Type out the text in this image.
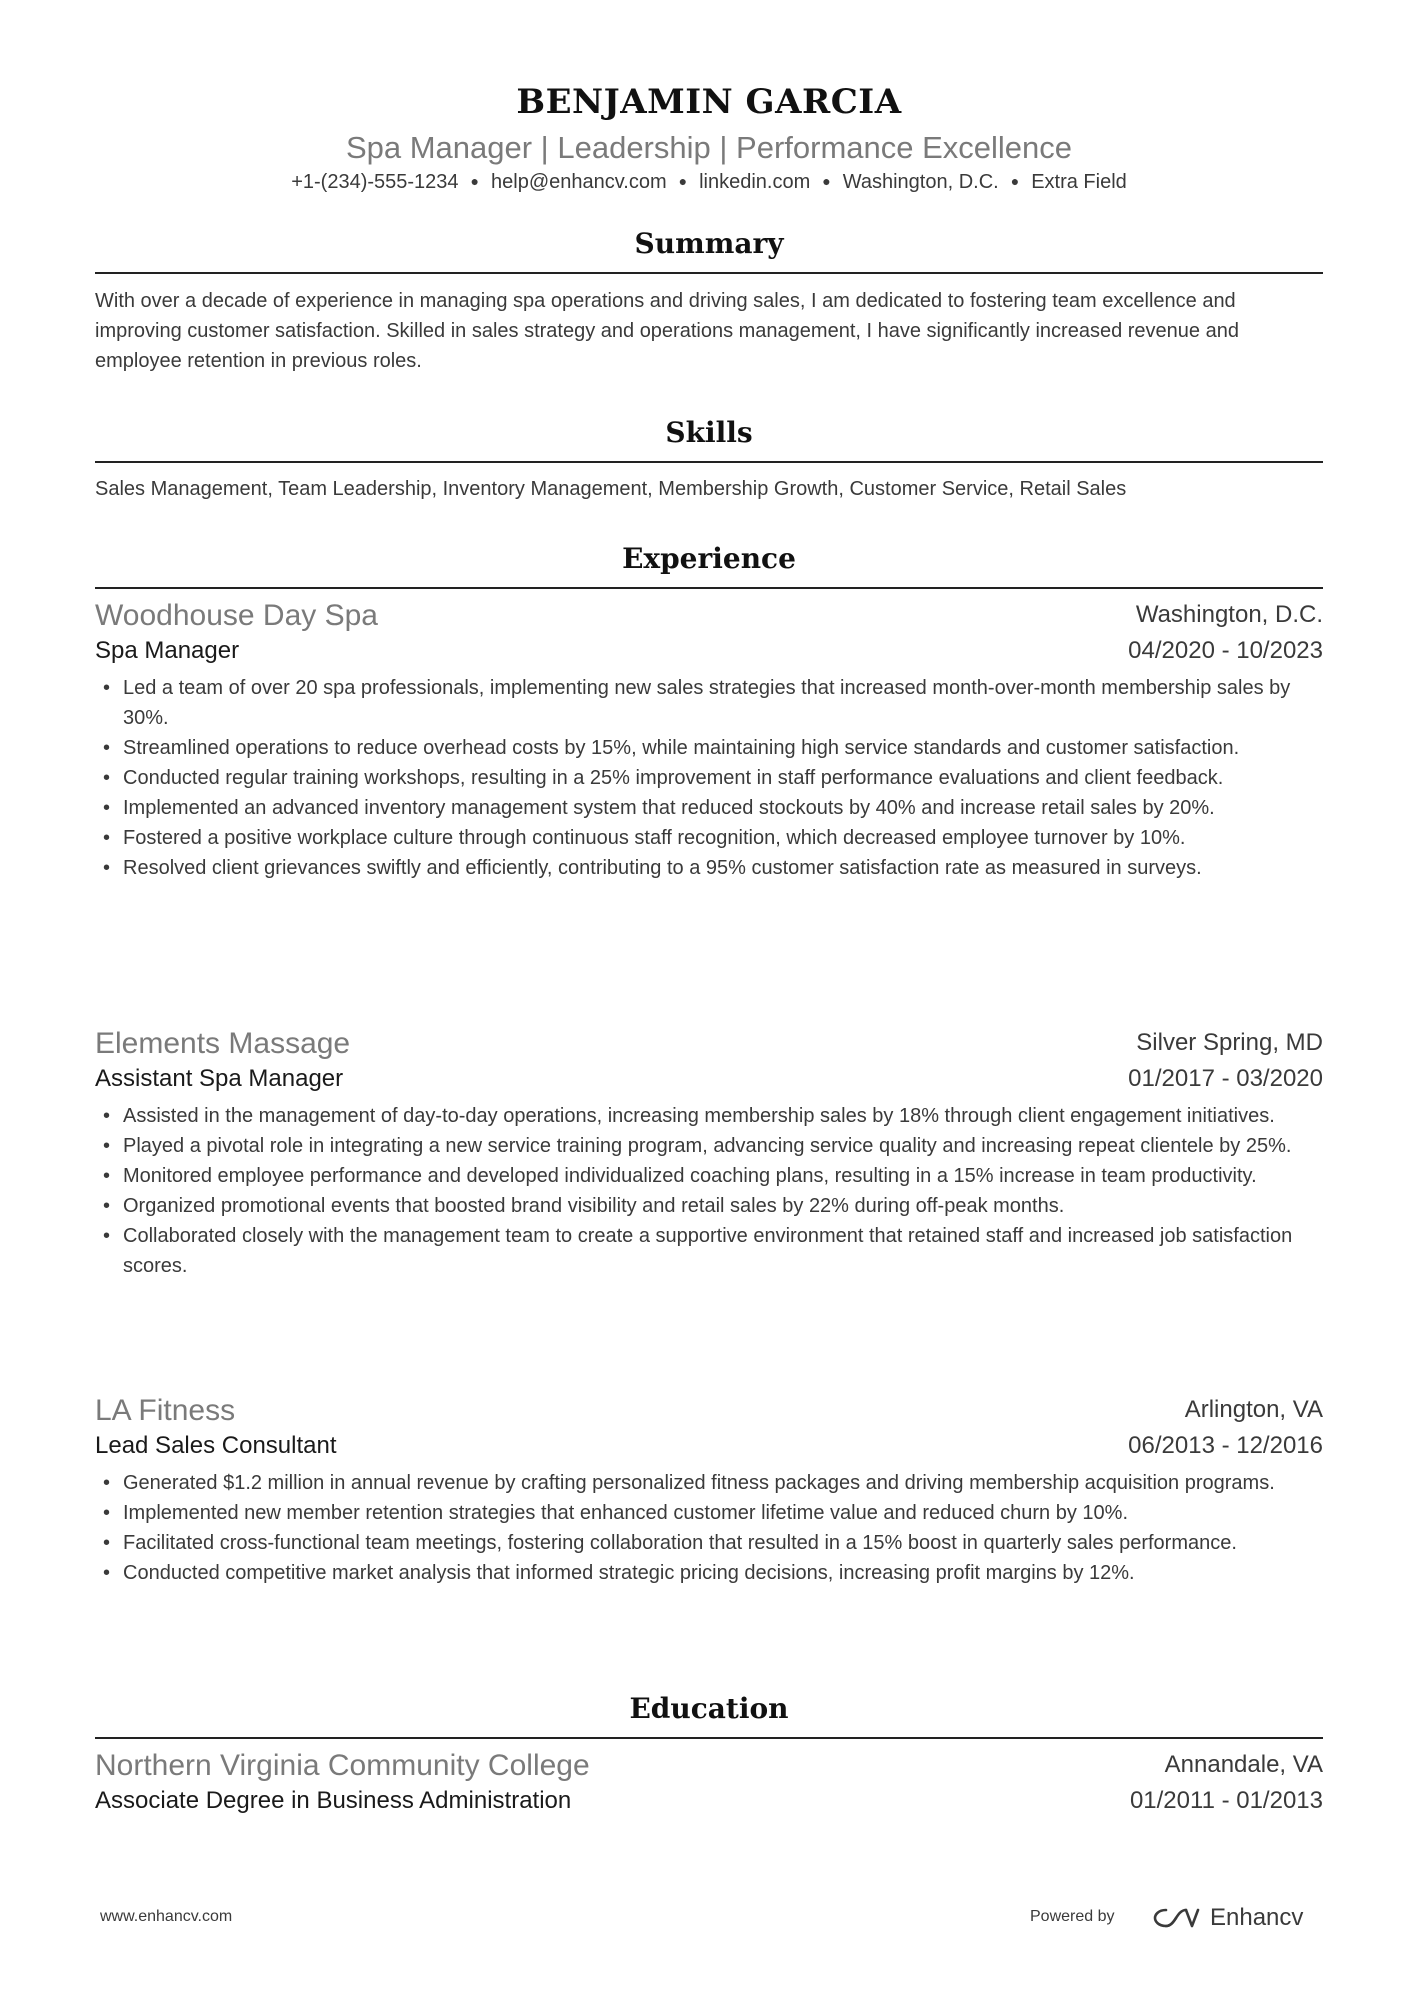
BENJAMIN GARCIA
Spa Manager | Leadership | Performance Excellence
+1-(234)-555-1234 ● help@enhancv.com ● linkedin.com ● Washington, D.C. ● Extra Field
Summary
With over a decade of experience in managing spa operations and driving sales, I am dedicated to fostering team excellence and improving customer satisfaction. Skilled in sales strategy and operations management, I have significantly increased revenue and employee retention in previous roles.
Skills
Sales Management, Team Leadership, Inventory Management, Membership Growth, Customer Service, Retail Sales
Experience
Woodhouse Day Spa	Washington, D.C.
Spa Manager	04/2020 - 10/2023
• Led a team of over 20 spa professionals, implementing new sales strategies that increased month-over-month membership sales by 30%.
• Streamlined operations to reduce overhead costs by 15%, while maintaining high service standards and customer satisfaction.
• Conducted regular training workshops, resulting in a 25% improvement in staff performance evaluations and client feedback.
• Implemented an advanced inventory management system that reduced stockouts by 40% and increase retail sales by 20%.
• Fostered a positive workplace culture through continuous staff recognition, which decreased employee turnover by 10%.
• Resolved client grievances swiftly and efficiently, contributing to a 95% customer satisfaction rate as measured in surveys.
Elements Massage	Silver Spring, MD
Assistant Spa Manager	01/2017 - 03/2020
• Assisted in the management of day-to-day operations, increasing membership sales by 18% through client engagement initiatives.
• Played a pivotal role in integrating a new service training program, advancing service quality and increasing repeat clientele by 25%.
• Monitored employee performance and developed individualized coaching plans, resulting in a 15% increase in team productivity.
• Organized promotional events that boosted brand visibility and retail sales by 22% during off-peak months.
• Collaborated closely with the management team to create a supportive environment that retained staff and increased job satisfaction scores.
LA Fitness	Arlington, VA
Lead Sales Consultant	06/2013 - 12/2016
• Generated $1.2 million in annual revenue by crafting personalized fitness packages and driving membership acquisition programs.
• Implemented new member retention strategies that enhanced customer lifetime value and reduced churn by 10%.
• Facilitated cross-functional team meetings, fostering collaboration that resulted in a 15% boost in quarterly sales performance.
• Conducted competitive market analysis that informed strategic pricing decisions, increasing profit margins by 12%.
Education
Northern Virginia Community College	Annandale, VA
Associate Degree in Business Administration	01/2011 - 01/2013
www.enhancv.com	Powered by	Enhancv
